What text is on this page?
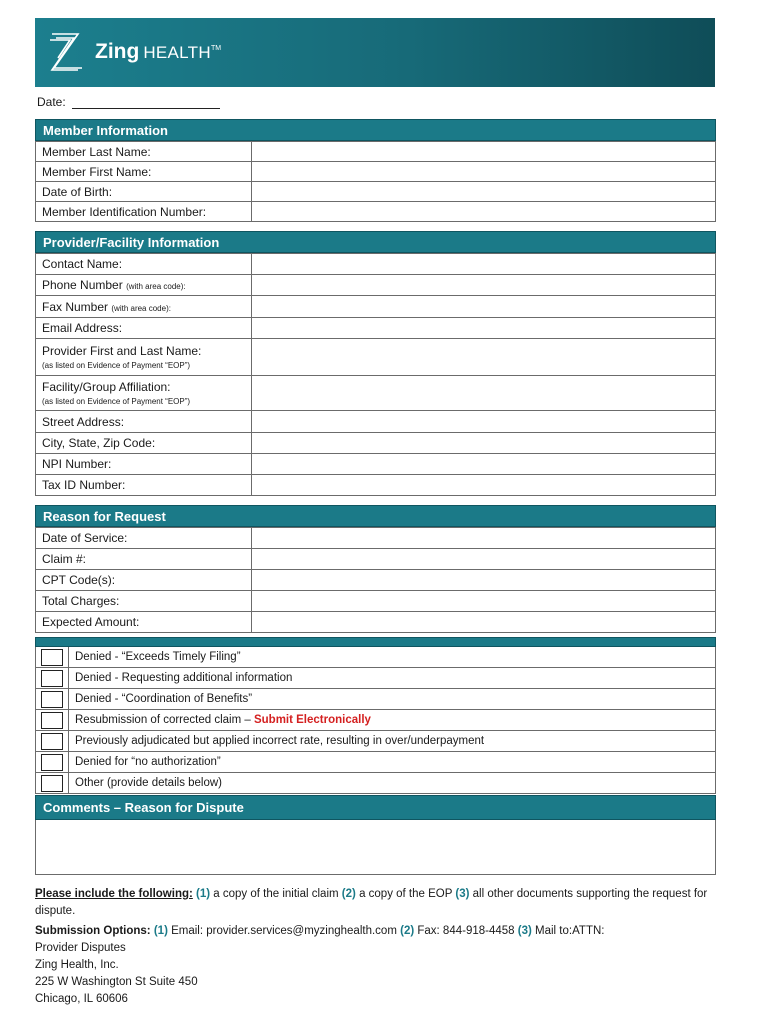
Zing HEALTH™
Date:
Member Information
Member Last Name:	
Member First Name:	
Date of Birth:	
Member Identification Number:	
Provider/Facility Information
Contact Name:	
Phone Number (with area code):	
Fax Number (with area code):	
Email Address:	
Provider First and Last Name:
(as listed on Evidence of Payment “EOP”)	

Facility/Group Affiliation:
(as listed on Evidence of Payment “EOP”)	

Street Address:	
City, State, Zip Code:	
NPI Number:	
Tax ID Number:	
Reason for Request
Date of Service:	
Claim #:	
CPT Code(s):	
Total Charges:	
Expected Amount:	
Denied - “Exceeds Timely Filing”
Denied - Requesting additional information
Denied - “Coordination of Benefits”
Resubmission of corrected claim – Submit Electronically
Previously adjudicated but applied incorrect rate, resulting in over/underpayment
Denied for “no authorization”
Other (provide details below)
Comments – Reason for Dispute
Please include the following: (1) a copy of the initial claim (2) a copy of the EOP (3) all other documents supporting the request for dispute.
Submission Options: (1) Email: provider.services@myzinghealth.com (2) Fax: 844-918-4458 (3) Mail to:ATTN:
Provider Disputes
Zing Health, Inc.
225 W Washington St Suite 450
Chicago, IL 60606
